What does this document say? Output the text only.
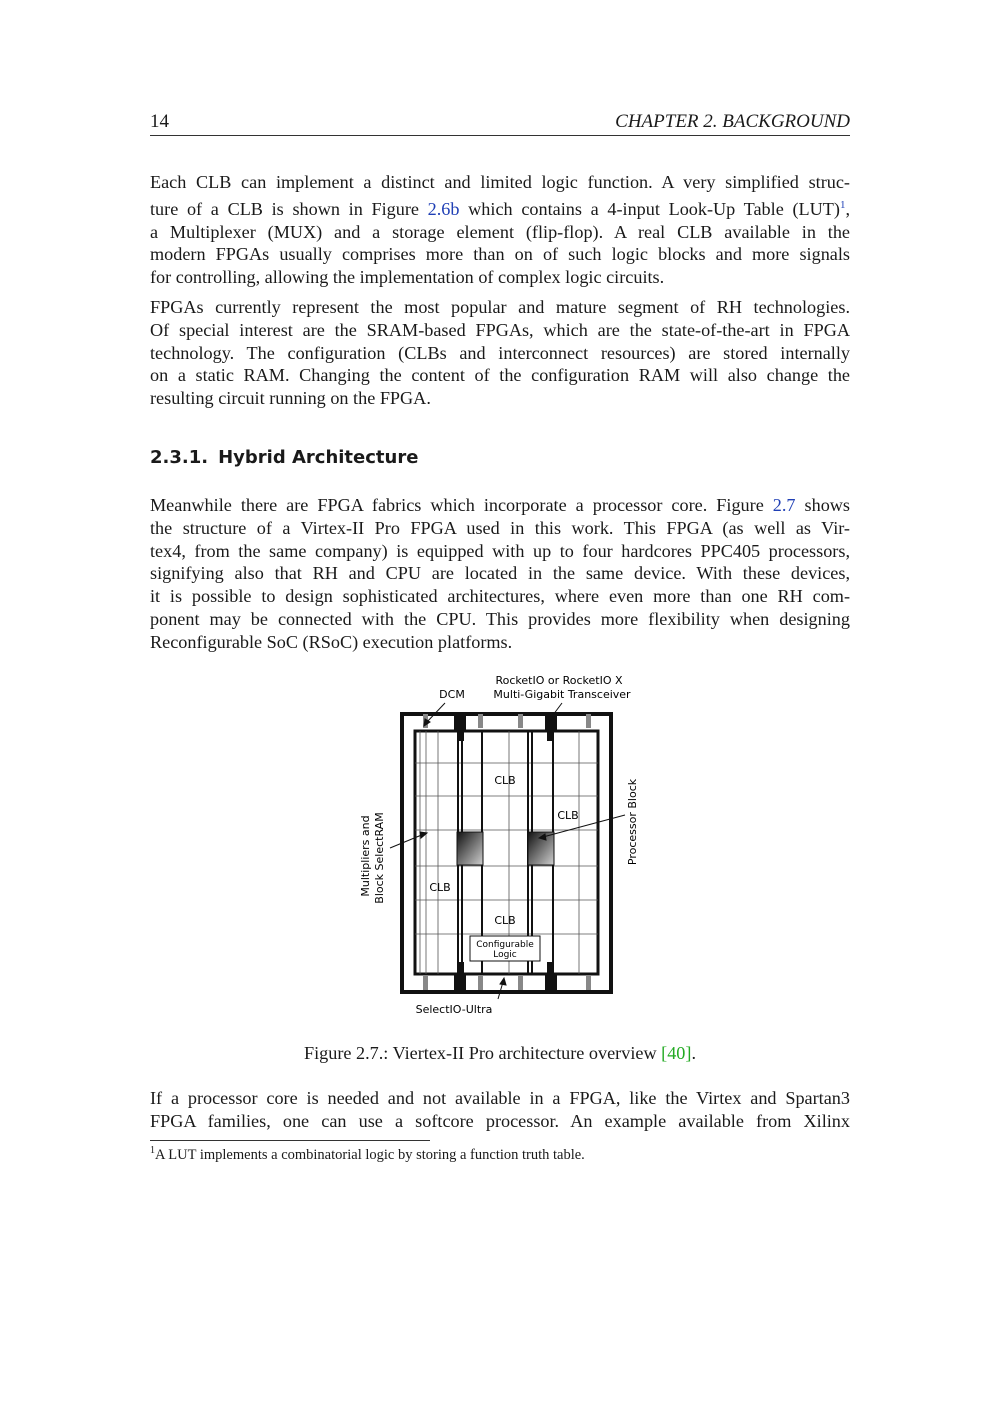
14	CHAPTER 2. BACKGROUND
Each CLB can implement a distinct and limited logic function. A very simplified struc-
ture of a CLB is shown in Figure 2.6b which contains a 4-input Look-Up Table (LUT)$^1$,
a Multiplexer (MUX) and a storage element (flip-flop). A real CLB available in the
modern FPGAs usually comprises more than on of such logic blocks and more signals
for controlling, allowing the implementation of complex logic circuits.
FPGAs currently represent the most popular and mature segment of RH technologies.
Of special interest are the SRAM-based FPGAs, which are the state-of-the-art in FPGA
technology. The configuration (CLBs and interconnect resources) are stored internally
on a static RAM. Changing the content of the configuration RAM will also change the
resulting circuit running on the FPGA.
2.3.1. Hybrid Architecture
Meanwhile there are FPGA fabrics which incorporate a processor core. Figure 2.7 shows
the structure of a Virtex-II Pro FPGA used in this work. This FPGA (as well as Vir-
tex4, from the same company) is equipped with up to four hardcores PPC405 processors,
signifying also that RH and CPU are located in the same device. With these devices,
it is possible to design sophisticated architectures, where even more than one RH com-
ponent may be connected with the CPU. This provides more flexibility when designing
Reconfigurable SoC (RSoC) execution platforms.
RocketIO or RocketIO X
Multi-Gigabit Transceiver
DCM
CLB
CLB
CLB
CLB
Configurable
Logic
Processor Block
Multipliers and Block SelectRAM
SelectIO-Ultra
Figure 2.7.: Viertex-II Pro architecture overview [40].
If a processor core is needed and not available in a FPGA, like the Virtex and Spartan3
FPGA families, one can use a softcore processor. An example available from Xilinx
$^1$A LUT implements a combinatorial logic by storing a function truth table.
